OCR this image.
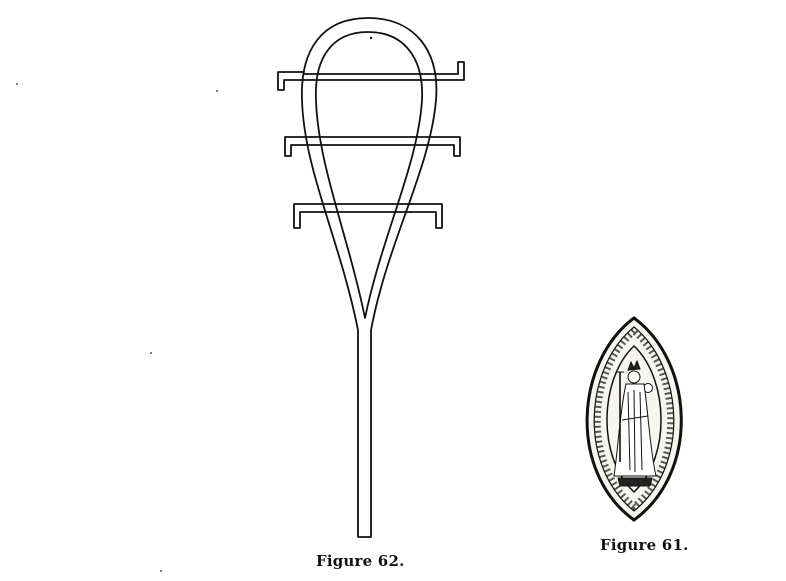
Figure 62.
Figure 61.
